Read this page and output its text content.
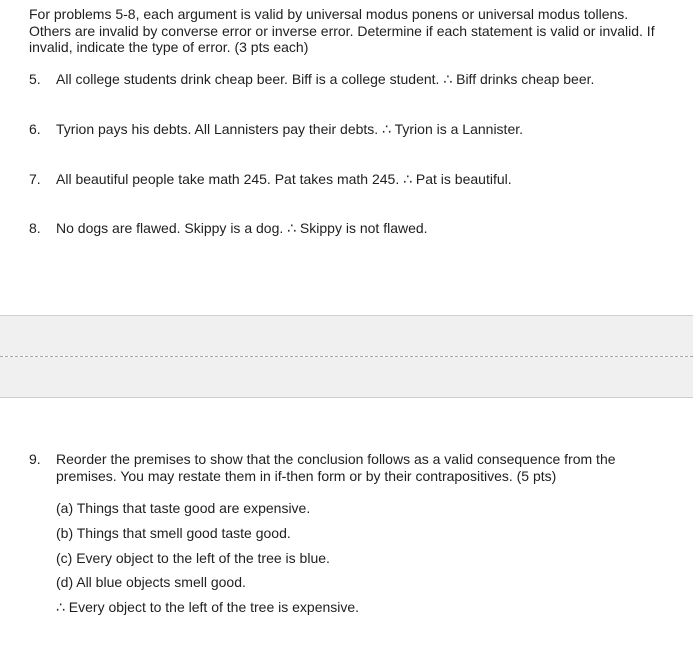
For problems 5-8, each argument is valid by universal modus ponens or universal modus tollens. Others are invalid by converse error or inverse error. Determine if each statement is valid or invalid. If invalid, indicate the type of error. (3 pts each)
5. All college students drink cheap beer. Biff is a college student. ∴ Biff drinks cheap beer.
6. Tyrion pays his debts. All Lannisters pay their debts. ∴ Tyrion is a Lannister.
7. All beautiful people take math 245. Pat takes math 245. ∴ Pat is beautiful.
8. No dogs are flawed. Skippy is a dog. ∴ Skippy is not flawed.
9. Reorder the premises to show that the conclusion follows as a valid consequence from the premises. You may restate them in if-then form or by their contrapositives. (5 pts)
(a) Things that taste good are expensive.
(b) Things that smell good taste good.
(c) Every object to the left of the tree is blue.
(d) All blue objects smell good.
∴ Every object to the left of the tree is expensive.
